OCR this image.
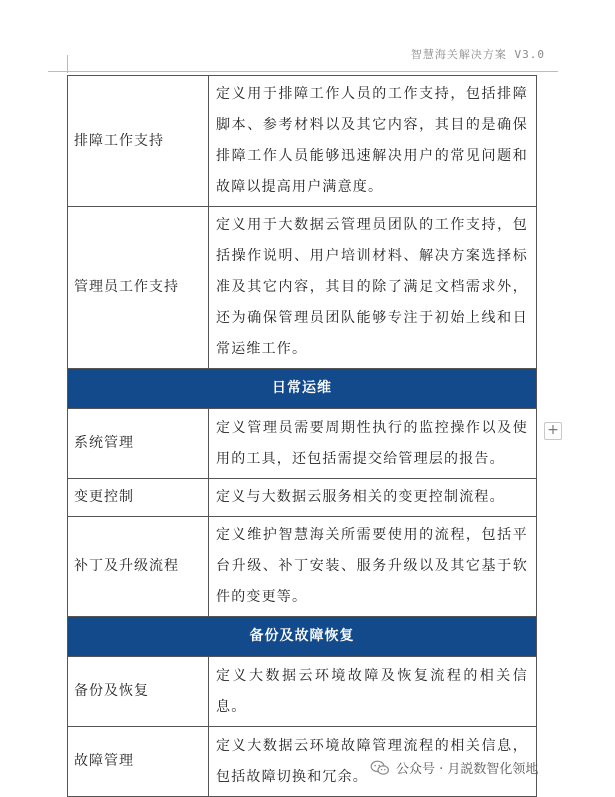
智慧海关解决方案 V3.0
排障工作支持	定义用于排障工作人员的工作支持，包括排障脚本、参考材料以及其它内容，其目的是确保排障工作人员能够迅速解决用户的常见问题和故障以提高用户满意度。
管理员工作支持	定义用于大数据云管理员团队的工作支持，包括操作说明、用户培训材料、解决方案选择标准及其它内容，其目的除了满足文档需求外，还为确保管理员团队能够专注于初始上线和日常运维工作。
日常运维	
系统管理	定义管理员需要周期性执行的监控操作以及使用的工具，还包括需提交给管理层的报告。
变更控制	定义与大数据云服务相关的变更控制流程。
补丁及升级流程	定义维护智慧海关所需要使用的流程，包括平台升级、补丁安装、服务升级以及其它基于软件的变更等。
备份及故障恢复	
备份及恢复	定义大数据云环境故障及恢复流程的相关信息。
故障管理	定义大数据云环境故障管理流程的相关信息，包括故障切换和冗余。
+
公众号 · 月説数智化领地
